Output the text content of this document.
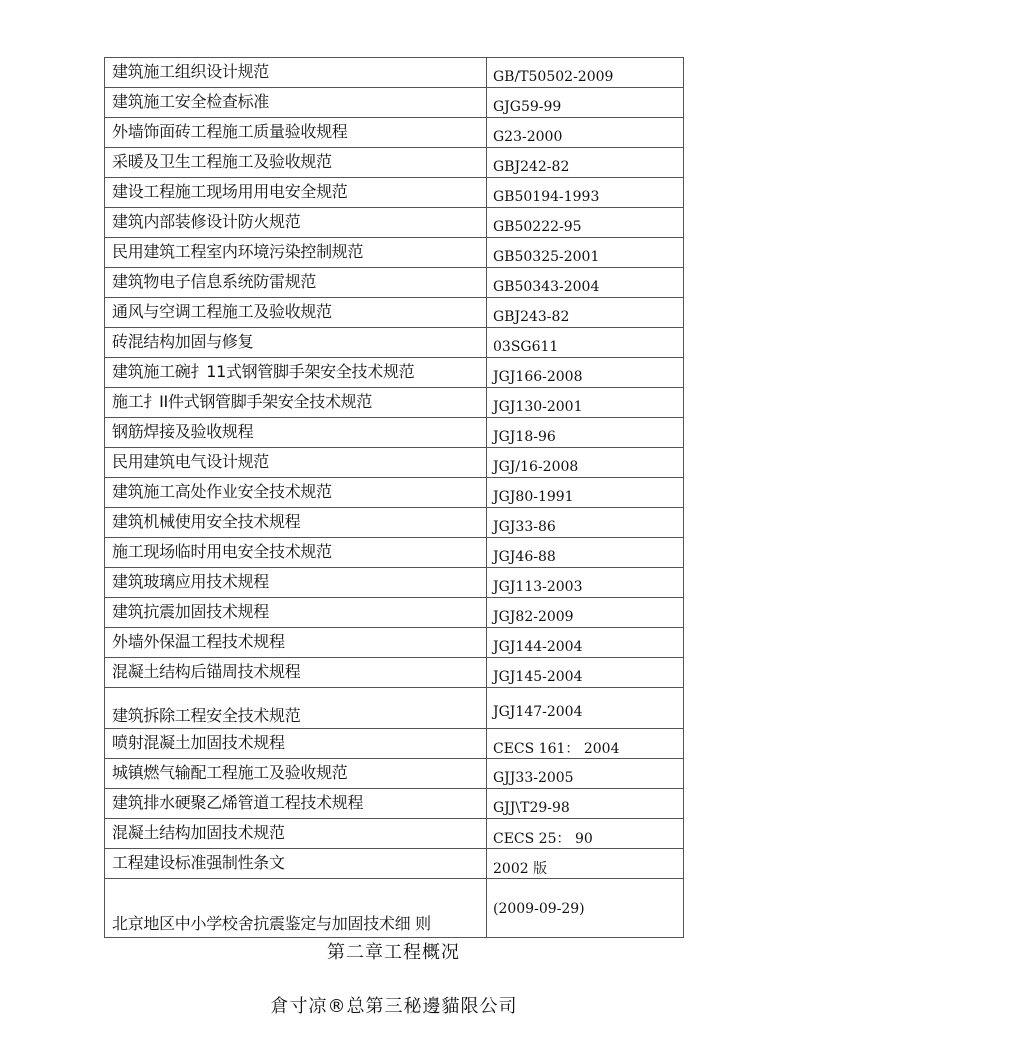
建筑施工组织设计规范	GB/T50502-2009
建筑施工安全检查标准	GJG59-99
外墙饰面砖工程施工质量验收规程	G23-2000
采暖及卫生工程施工及验收规范	GBJ242-82
建设工程施工现场用用电安全规范	GB50194-1993
建筑内部装修设计防火规范	GB50222-95
民用建筑工程室内环境污染控制规范	GB50325-2001
建筑物电子信息系统防雷规范	GB50343-2004
通风与空调工程施工及验收规范	GBJ243-82
砖混结构加固与修复	03SG611
建筑施工碗扌11式钢管脚手架安全技术规范	JGJ166-2008
施工扌II件式钢管脚手架安全技术规范	JGJ130-2001
钢筋焊接及验收规程	JGJ18-96
民用建筑电气设计规范	JGJ/16-2008
建筑施工高处作业安全技术规范	JGJ80-1991
建筑机械使用安全技术规程	JGJ33-86
施工现场临时用电安全技术规范	JGJ46-88
建筑玻璃应用技术规程	JGJ113-2003
建筑抗震加固技术规程	JGJ82-2009
外墙外保温工程技术规程	JGJ144-2004
混凝土结构后锚周技术规程	JGJ145-2004
建筑拆除工程安全技术规范	JGJ147-2004
喷射混凝土加固技术规程	CECS 161： 2004
城镇燃气输配工程施工及验收规范	GJJ33-2005
建筑排水硬聚乙烯管道工程技术规程	GJJ\T29-98
混凝土结构加固技术规范	CECS 25： 90
工程建设标准强制性条文	2002 版
北京地区中小学校舍抗震鉴定与加固技术细 则	(2009-09-29)
第二章工程概况
倉寸凉®总第三秘邊貓限公司
